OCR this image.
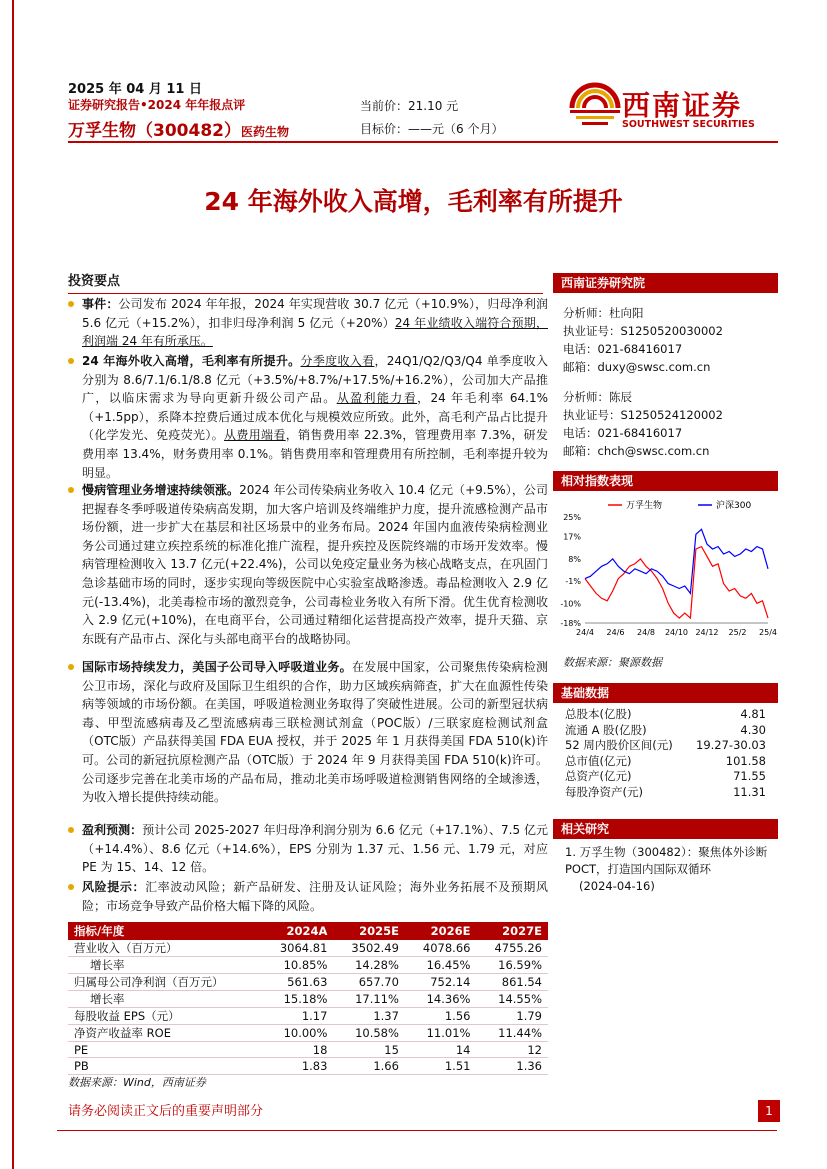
2025 年 04 月 11 日
证券研究报告•2024 年年报点评
万孚生物（300482）医药生物
当前价：21.10 元
目标价：——元（6 个月）
西南证券
SOUTHWEST SECURITIES
24 年海外收入高增，毛利率有所提升
投资要点
事件：公司发布 2024 年年报，2024 年实现营收 30.7 亿元（+10.9%），归母净利润 5.6 亿元（+15.2%），扣非归母净利润 5 亿元（+20%）24 年业绩收入端符合预期，利润端 24 年有所承压。
24 年海外收入高增，毛利率有所提升。分季度收入看，24Q1/Q2/Q3/Q4 单季度收入分别为 8.6/7.1/6.1/8.8 亿元（+3.5%/+8.7%/+17.5%/+16.2%），公司加大产品推广，以临床需求为导向更新升级公司产品。从盈利能力看，24 年毛利率 64.1%（+1.5pp），系降本控费后通过成本优化与规模效应所致。此外，高毛利产品占比提升（化学发光、免疫荧光）。从费用端看，销售费用率 22.3%，管理费用率 7.3%，研发费用率 13.4%，财务费用率 0.1%。销售费用率和管理费用有所控制，毛利率提升较为明显。
慢病管理业务增速持续领涨。2024 年公司传染病业务收入 10.4 亿元（+9.5%），公司把握春冬季呼吸道传染病高发期，加大客户培训及终端维护力度，提升流感检测产品市场份额，进一步扩大在基层和社区场景中的业务布局。2024 年国内血液传染病检测业务公司通过建立疾控系统的标准化推广流程，提升疾控及医院终端的市场开发效率。慢病管理检测收入 13.7 亿元(+22.4%)，公司以免疫定量业务为核心战略支点，在巩固门急诊基础市场的同时，逐步实现向等级医院中心实验室战略渗透。毒品检测收入 2.9 亿元(-13.4%)，北美毒检市场的激烈竞争，公司毒检业务收入有所下滑。优生优育检测收入 2.9 亿元(+10%)，在电商平台，公司通过精细化运营提高投产效率，提升天猫、京东既有产品市占、深化与头部电商平台的战略协同。
国际市场持续发力，美国子公司导入呼吸道业务。在发展中国家，公司聚焦传染病检测公卫市场，深化与政府及国际卫生组织的合作，助力区域疾病筛查，扩大在血源性传染病等领域的市场份额。在美国，呼吸道检测业务取得了突破性进展。公司的新型冠状病毒、甲型流感病毒及乙型流感病毒三联检测试剂盒（POC版）/三联家庭检测试剂盒（OTC版）产品获得美国 FDA EUA 授权，并于 2025 年 1 月获得美国 FDA 510(k)许可。公司的新冠抗原检测产品（OTC版）于 2024 年 9 月获得美国 FDA 510(k)许可。公司逐步完善在北美市场的产品布局，推动北美市场呼吸道检测销售网络的全域渗透，为收入增长提供持续动能。
盈利预测：预计公司 2025-2027 年归母净利润分别为 6.6 亿元（+17.1%）、7.5 亿元（+14.4%）、8.6 亿元（+14.6%），EPS 分别为 1.37 元、1.56 元、1.79 元，对应 PE 为 15、14、12 倍。
风险提示：汇率波动风险；新产品研发、注册及认证风险；海外业务拓展不及预期风险；市场竞争导致产品价格大幅下降的风险。
指标/年度	2024A	2025E	2026E	2027E
营业收入（百万元）	3064.81	3502.49	4078.66	4755.26
增长率	10.85%	14.28%	16.45%	16.59%
归属母公司净利润（百万元）	561.63	657.70	752.14	861.54
增长率	15.18%	17.11%	14.36%	14.55%
每股收益 EPS（元）	1.17	1.37	1.56	1.79
净资产收益率 ROE	10.00%	10.58%	11.01%	11.44%
PE	18	15	14	12
PB	1.83	1.66	1.51	1.36
数据来源：Wind，西南证券
西南证券研究院
分析师：杜向阳
执业证号：S1250520030002
电话：021-68416017
邮箱：duxy@swsc.com.cn
分析师：陈辰
执业证号：S1250524120002
电话：021-68416017
邮箱：chch@swsc.com.cn
相对指数表现
25%
17%
8%
-1%
-10%
-18%
24/4 24/6 24/8 24/10 24/12 25/2 25/4
万孚生物	沪深300
数据来源：聚源数据
基础数据
总股本(亿股)	4.81
流通 A 股(亿股)	4.30
52 周内股价区间(元) 19.27-30.03
总市值(亿元)	101.58
总资产(亿元)	71.55
每股净资产(元)	11.31
相关研究
1. 万孚生物（300482）：聚焦体外诊断 POCT，打造国内国际双循环
(2024-04-16)
请务必阅读正文后的重要声明部分	1
